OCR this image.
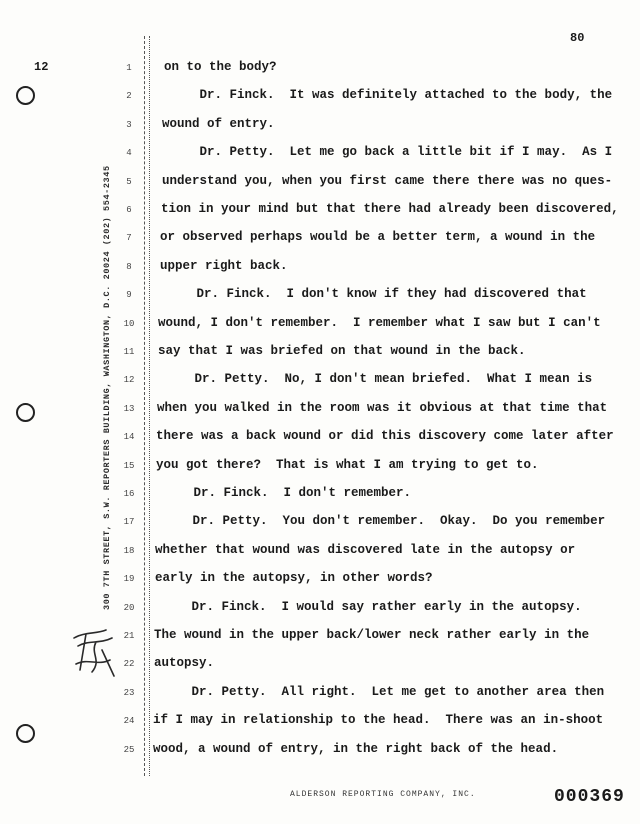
80
12
300 7TH STREET, S.W. REPORTERS BUILDING, WASHINGTON, D.C. 20024 (202) 554-2345
1	on to the body?
2	Dr. Finck.  It was definitely attached to the body, the
3	wound of entry.
4	Dr. Petty.  Let me go back a little bit if I may.  As I
5	understand you, when you first came there there was no ques-
6	tion in your mind but that there had already been discovered,
7	or observed perhaps would be a better term, a wound in the
8	upper right back.
9	Dr. Finck.  I don't know if they had discovered that
10	wound, I don't remember.  I remember what I saw but I can't
11	say that I was briefed on that wound in the back.
12	Dr. Petty.  No, I don't mean briefed.  What I mean is
13	when you walked in the room was it obvious at that time that
14	there was a back wound or did this discovery come later after
15	you got there?  That is what I am trying to get to.
16	Dr. Finck.  I don't remember.
17	Dr. Petty.  You don't remember.  Okay.  Do you remember
18	whether that wound was discovered late in the autopsy or
19	early in the autopsy, in other words?
20	Dr. Finck.  I would say rather early in the autopsy.
21	The wound in the upper back/lower neck rather early in the
22	autopsy.
23	Dr. Petty.  All right.  Let me get to another area then
24	if I may in relationship to the head.  There was an in-shoot
25	wood, a wound of entry, in the right back of the head.
ALDERSON REPORTING COMPANY, INC.	000369
